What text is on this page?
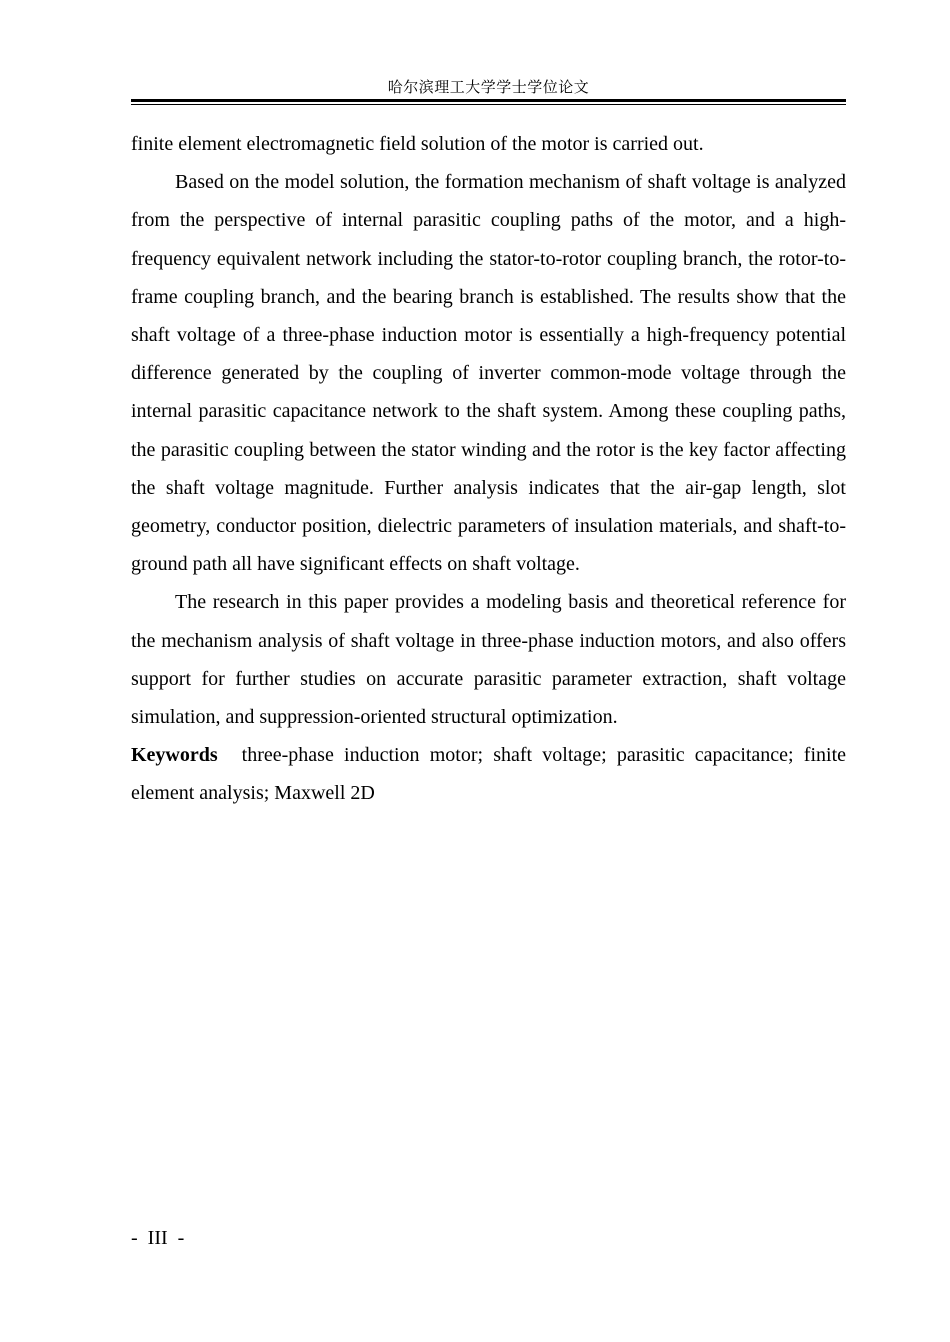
哈尔滨理工大学学士学位论文

finite element electromagnetic field solution of the motor is carried out.

Based on the model solution, the formation mechanism of shaft voltage is analyzed from the perspective of internal parasitic coupling paths of the motor, and a high-frequency equivalent network including the stator-to-rotor coupling branch, the rotor-to-frame coupling branch, and the bearing branch is established. The results show that the shaft voltage of a three-phase induction motor is essentially a high-frequency potential difference generated by the coupling of inverter common-mode voltage through the internal parasitic capacitance network to the shaft system. Among these coupling paths, the parasitic coupling between the stator winding and the rotor is the key factor affecting the shaft voltage magnitude. Further analysis indicates that the air-gap length, slot geometry, conductor position, dielectric parameters of insulation materials, and shaft-to-ground path all have significant effects on shaft voltage.

The research in this paper provides a modeling basis and theoretical reference for the mechanism analysis of shaft voltage in three-phase induction motors, and also offers support for further studies on accurate parasitic parameter extraction, shaft voltage simulation, and suppression-oriented structural optimization.

Keywords three-phase induction motor; shaft voltage; parasitic capacitance; finite element analysis; Maxwell 2D

-  III  -
